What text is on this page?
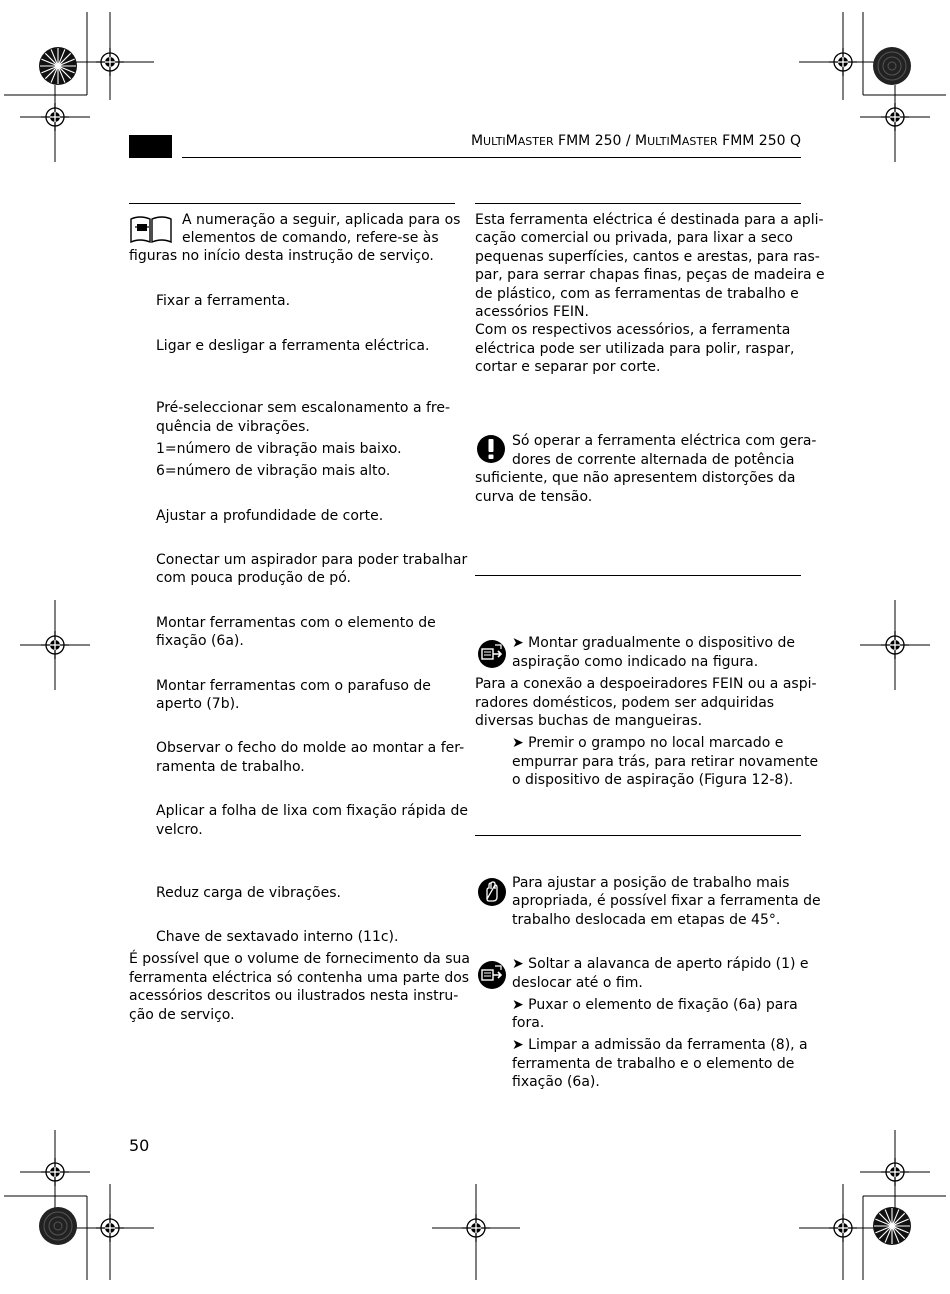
MULTIMASTER FMM 250 / MULTIMASTER FMM 250 Q
A numeração a seguir, aplicada para os
elementos de comando, refere-se às
figuras no início desta instrução de serviço.
Fixar a ferramenta.
Ligar e desligar a ferramenta eléctrica.
Pré-seleccionar sem escalonamento a fre-
quência de vibrações.
1=número de vibração mais baixo.
6=número de vibração mais alto.
Ajustar a profundidade de corte.
Conectar um aspirador para poder trabalhar
com pouca produção de pó.
Montar ferramentas com o elemento de
fixação (6a).
Montar ferramentas com o parafuso de
aperto (7b).
Observar o fecho do molde ao montar a fer-
ramenta de trabalho.
Aplicar a folha de lixa com fixação rápida de
velcro.
Reduz carga de vibrações.
Chave de sextavado interno (11c).
É possível que o volume de fornecimento da sua
ferramenta eléctrica só contenha uma parte dos
acessórios descritos ou ilustrados nesta instru-
ção de serviço.
Esta ferramenta eléctrica é destinada para a apli-
cação comercial ou privada, para lixar a seco
pequenas superfícies, cantos e arestas, para ras-
par, para serrar chapas finas, peças de madeira e
de plástico, com as ferramentas de trabalho e
acessórios FEIN.
Com os respectivos acessórios, a ferramenta
eléctrica pode ser utilizada para polir, raspar,
cortar e separar por corte.
Só operar a ferramenta eléctrica com gera-
dores de corrente alternada de potência
suficiente, que não apresentem distorções da
curva de tensão.
➤ Montar gradualmente o dispositivo de
aspiração como indicado na figura.
Para a conexão a despoeiradores FEIN ou a aspi-
radores domésticos, podem ser adquiridas
diversas buchas de mangueiras.
➤ Premir o grampo no local marcado e
empurrar para trás, para retirar novamente
o dispositivo de aspiração (Figura 12-8).
Para ajustar a posição de trabalho mais
apropriada, é possível fixar a ferramenta de
trabalho deslocada em etapas de 45°.
➤ Soltar a alavanca de aperto rápido (1) e
deslocar até o fim.
➤ Puxar o elemento de fixação (6a) para
fora.
➤ Limpar a admissão da ferramenta (8), a
ferramenta de trabalho e o elemento de
fixação (6a).
50
